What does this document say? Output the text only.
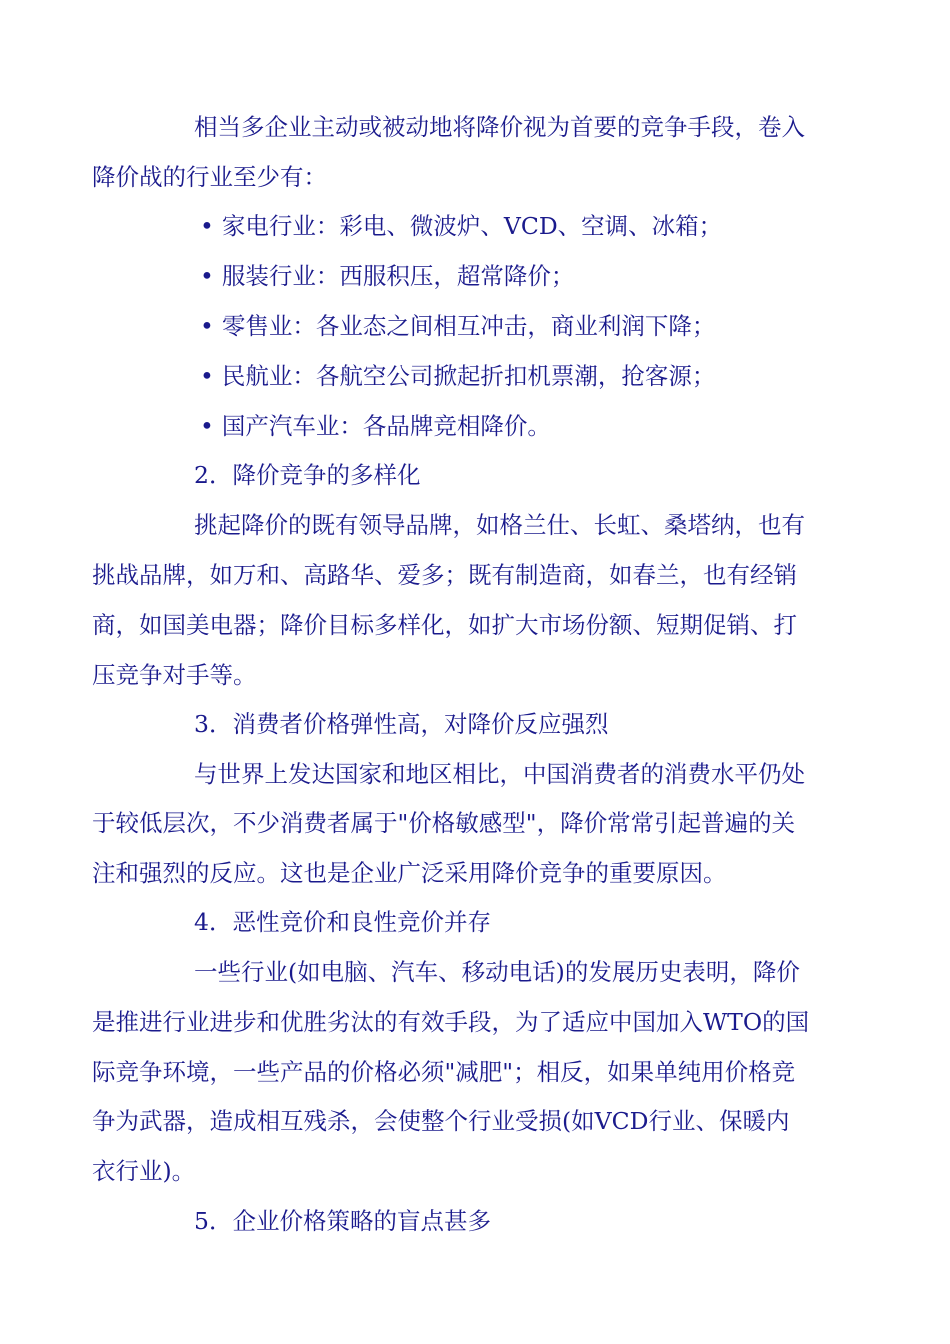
相当多企业主动或被动地将降价视为首要的竞争手段，卷入
降价战的行业至少有：
• 家电行业：彩电、微波炉、VCD、空调、冰箱；
• 服装行业：西服积压，超常降价；
• 零售业：各业态之间相互冲击，商业利润下降；
• 民航业：各航空公司掀起折扣机票潮，抢客源；
• 国产汽车业：各品牌竞相降价。
2．降价竞争的多样化
挑起降价的既有领导品牌，如格兰仕、长虹、桑塔纳，也有
挑战品牌，如万和、高路华、爱多；既有制造商，如春兰，也有经销
商，如国美电器；降价目标多样化，如扩大市场份额、短期促销、打
压竞争对手等。
3．消费者价格弹性高，对降价反应强烈
与世界上发达国家和地区相比，中国消费者的消费水平仍处
于较低层次，不少消费者属于"价格敏感型"，降价常常引起普遍的关
注和强烈的反应。这也是企业广泛采用降价竞争的重要原因。
4．恶性竞价和良性竞价并存
一些行业(如电脑、汽车、移动电话)的发展历史表明，降价
是推进行业进步和优胜劣汰的有效手段，为了适应中国加入WTO的国
际竞争环境，一些产品的价格必须"减肥"；相反，如果单纯用价格竞
争为武器，造成相互残杀，会使整个行业受损(如VCD行业、保暖内
衣行业)。
5．企业价格策略的盲点甚多
